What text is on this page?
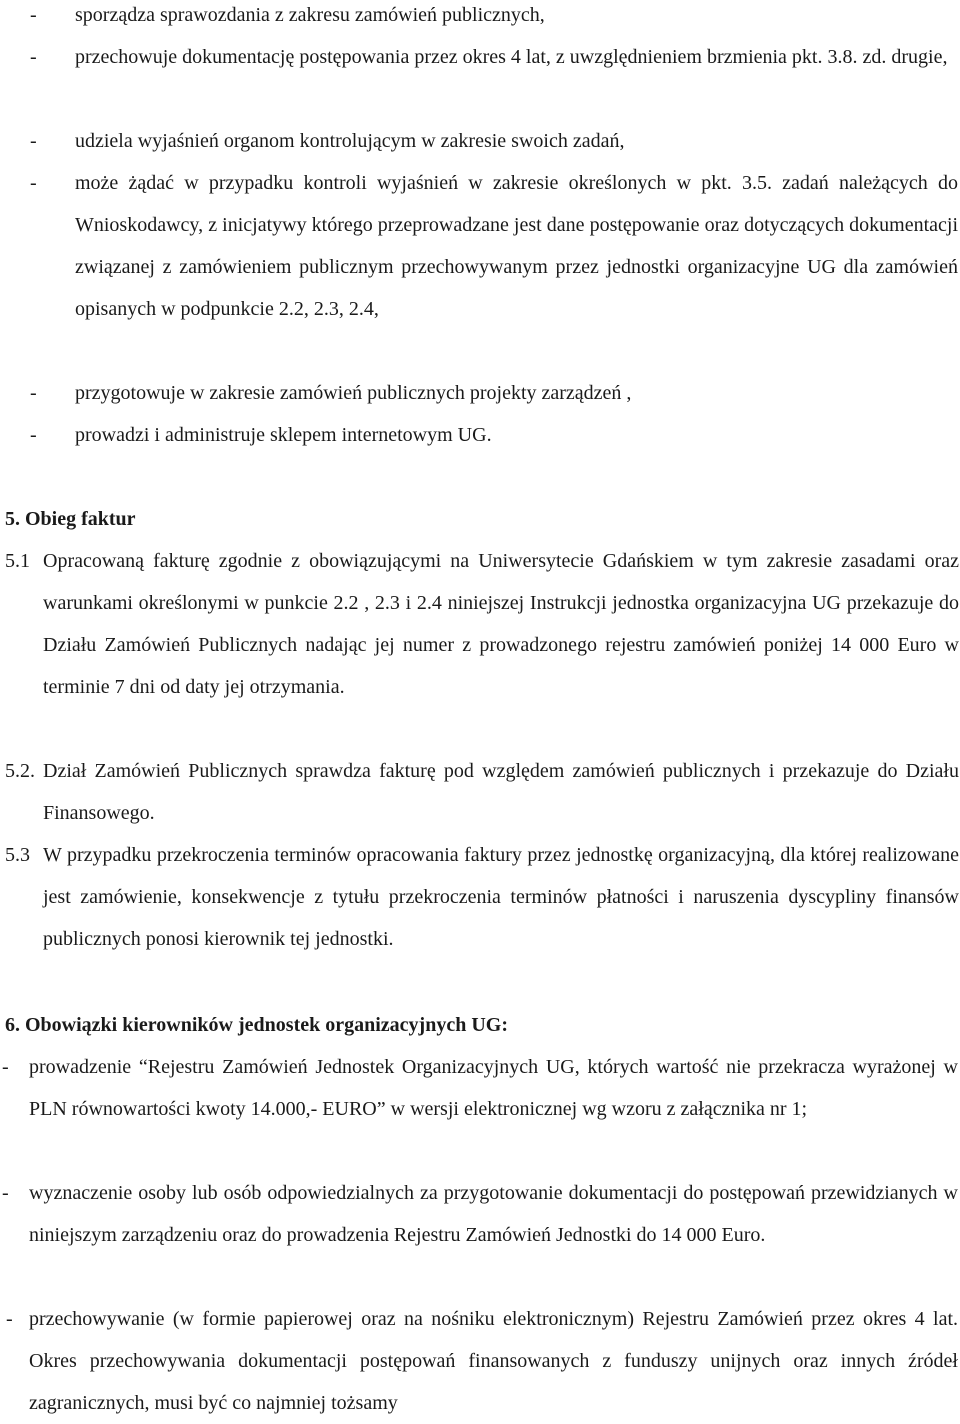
- sporządza sprawozdania z zakresu zamówień publicznych,
- przechowuje dokumentację postępowania przez okres 4 lat, z uwzględnieniem brzmienia pkt. 3.8. zd. drugie,
- udziela wyjaśnień organom kontrolującym w zakresie swoich zadań,
- może żądać w przypadku kontroli wyjaśnień w zakresie określonych w pkt. 3.5. zadań należących do Wnioskodawcy, z inicjatywy którego przeprowadzane jest dane postępowanie oraz dotyczących dokumentacji związanej z zamówieniem publicznym przechowywanym przez jednostki organizacyjne UG dla zamówień opisanych w podpunkcie 2.2, 2.3, 2.4,
- przygotowuje w zakresie zamówień publicznych projekty zarządzeń ,
- prowadzi i administruje sklepem internetowym UG.
5. Obieg faktur
5.1 Opracowaną fakturę zgodnie z obowiązującymi na Uniwersytecie Gdańskiem w tym zakresie zasadami oraz warunkami określonymi w punkcie 2.2 , 2.3 i 2.4 niniejszej Instrukcji jednostka organizacyjna UG przekazuje do Działu Zamówień Publicznych nadając jej numer z prowadzonego rejestru zamówień poniżej 14 000 Euro w terminie 7 dni od daty jej otrzymania.
5.2. Dział Zamówień Publicznych sprawdza fakturę pod względem zamówień publicznych i przekazuje do Działu Finansowego.
5.3 W przypadku przekroczenia terminów opracowania faktury przez jednostkę organizacyjną, dla której realizowane jest zamówienie, konsekwencje z tytułu przekroczenia terminów płatności i naruszenia dyscypliny finansów publicznych ponosi kierownik tej jednostki.
6. Obowiązki kierowników jednostek organizacyjnych UG:
-	prowadzenie “Rejestru Zamówień Jednostek Organizacyjnych UG, których wartość nie przekracza wyrażonej w PLN równowartości kwoty 14.000,- EURO” w wersji elektronicznej wg wzoru z załącznika nr 1;
-	wyznaczenie osoby lub osób odpowiedzialnych za przygotowanie dokumentacji do postępowań przewidzianych w niniejszym zarządzeniu oraz do prowadzenia Rejestru Zamówień Jednostki do 14 000 Euro.
- przechowywanie (w formie papierowej oraz na nośniku elektronicznym) Rejestru Zamówień przez okres 4 lat. Okres przechowywania dokumentacji postępowań finansowanych z funduszy unijnych oraz innych źródeł zagranicznych, musi być co najmniej tożsamy
